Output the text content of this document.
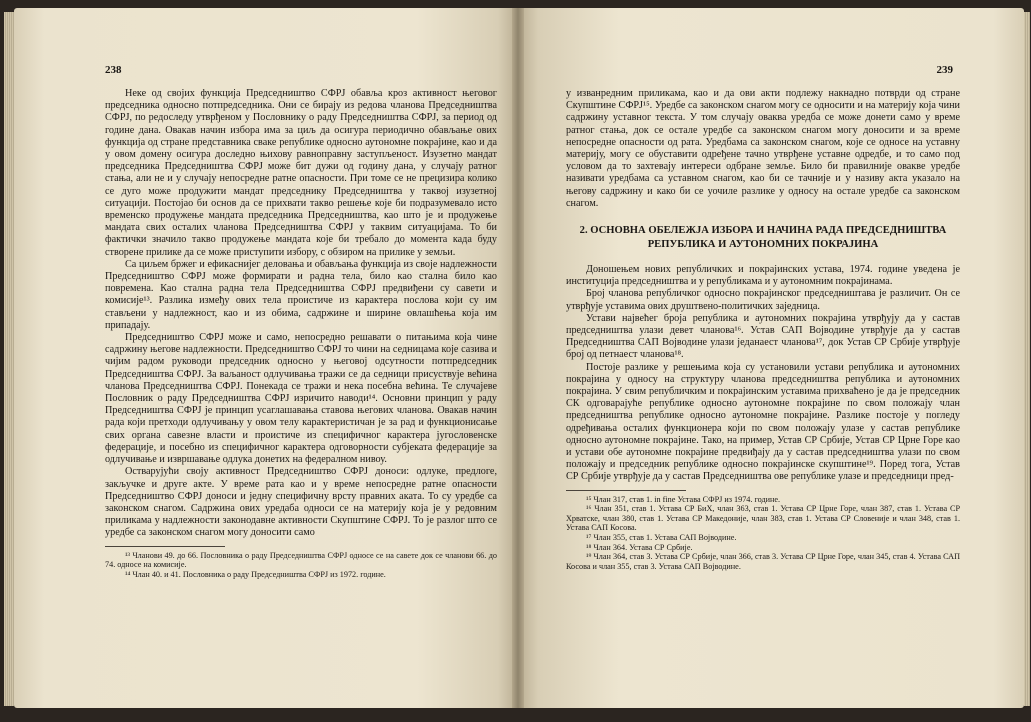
238

Неке од својих функција Председништво СФРЈ обавља кроз активност његовог председника односно потпредседника. Они се бирају из редова чланова Председништва СФРЈ, по редоследу утврђеном у Пословнику о раду Председништва СФРЈ, за период од године дана. Овакав начин избора има за циљ да осигура периодично обављање ових функција од стране представника сваке републике односно аутономне покрајине, као и да у овом домену осигура доследно њихову равноправну заступљеност. Изузетно мандат председника Председништва СФРЈ може бит дужи од годину дана, у случају ратног стања, али не и у случају непосредне ратне опасности. При томе се не прецизира колико се дуго може продужити мандат председнику Председништва у таквој изузетној ситуацији. Постојао би основ да се прихвати такво решење које би подразумевало исто временско продужење мандата председника Председништва, као што је и продужење мандата свих осталих чланова Председништва СФРЈ у таквим ситуацијама. То би фактички значило такво продужење мандата које би требало до момента када буду створене прилике да се може приступити избору, с обзиром на прилике у земљи.

Са циљем бржег и ефикаснијег деловања и обављања функција из своје надлежности Председништво СФРЈ може формирати и радна тела, било као стална било као повремена. Као стална радна тела Председништва СФРЈ предвиђени су савети и комисије¹³. Разлика између ових тела проистиче из карактера послова који су им стављени у надлежност, као и из обима, садржине и ширине овлашћења која им припадају.

Председништво СФРЈ може и само, непосредно решавати о питањима која чине садржину његове надлежности. Председништво СФРЈ то чини на седницама које сазива и чијим радом руководи председник односно у његовој одсутности потпредседник Председништва СФРЈ. За ваљаност одлучивања тражи се да седници присуствује већина чланова Председништва СФРЈ. Понекада се тражи и нека посебна већина. Те случајеве Пословник о раду Председништва СФРЈ изричито наводи¹⁴. Основни принцип у раду Председништва СФРЈ је принцип усаглашавања ставова његових чланова. Овакав начин рада који претходи одлучивању у овом телу карактеристичан је за рад и функционисање свих органа савезне власти и проистиче из специфичног карактера југословенске федерације, и посебно из специфичног карактера одговорности субјеката федерације за одлучивање и извршавање одлука донетих на федералном нивоу.

Остварујући своју активност Председништво СФРЈ доноси: одлуке, предлоге, закључке и друге акте. У време рата као и у време непосредне ратне опасности Председништво СФРЈ доноси и једну специфичну врсту правних аката. То су уредбе са законском снагом. Садржина ових уредаба односи се на материју која је у редовним приликама у надлежности законодавне активности Скупштине СФРЈ. То је разлог што се уредбе са законском снагом могу доносити само

¹³ Чланови 49. до 66. Пословника о раду Председништва СФРЈ односе се на савете док се чланови 66. до 74. односе на комисије.

¹⁴ Члан 40. и 41. Пословника о раду Председништва СФРЈ из 1972. године.

239

у изванредним приликама, као и да ови акти подлежу накнадно потврди од стране Скупштине СФРЈ¹⁵. Уредбе са законском снагом могу се односити и на материју која чини садржину уставног текста. У том случају оваква уредба се може донети само у време ратног стања, док се остале уредбе са законском снагом могу доносити и за време непосредне опасности од рата. Уредбама са законском снагом, које се односе на уставну материју, могу се обуставити одређене тачно утврђене уставне одредбе, и то само под условом да то захтевају интереси одбране земље. Било би правилније овакве уредбе називати уредбама са уставном снагом, као би се тачније и у називу акта указало на његову садржину и како би се уочиле разлике у односу на остале уредбе са законском снагом.

2. ОСНОВНА ОБЕЛЕЖЈА ИЗБОРА И НАЧИНА РАДА ПРЕДСЕДНИШТВА РЕПУБЛИКА И АУТОНОМНИХ ПОКРАЈИНА

Доношењем нових републичких и покрајинских устава, 1974. године уведена је институција председништва и у републикама и у аутономним покрајинама.

Број чланова републичког односно покрајинског председништава је различит. Он се утврђује уставима ових друштвено-политичких заједница.

Устави највећег броја република и аутономних покрајина утврђују да у састав председништва улази девет чланова¹⁶. Устав САП Војводине утврђује да у састав Председништва САП Војводине улази једанаест чланова¹⁷, док Устав СР Србије утврђује број од петнаест чланова¹⁸.

Постоје разлике у решењима која су установили устави република и аутономних покрајина у односу на структуру чланова председништва република и аутономних покрајина. У свим републичким и покрајинским уставима прихваћено је да је председник СК одговарајуће републике односно аутономне покрајине по свом положају члан председништва републике односно аутономне покрајине. Разлике постоје у погледу одређивања осталих функционера који по свом положају улазе у састав републике односно аутономне покрајине. Тако, на пример, Устав СР Србије, Устав СР Црне Горе као и устави обе аутономне покрајине предвиђају да у састав председништва улази по свом положају и председник републике односно покрајинске скупштине¹⁹. Поред тога, Устав СР Србије утврђује да у састав Председништва ове републике улазе и председници пред-

¹⁵ Члан 317, став 1. in fine Устава СФРЈ из 1974. године.

¹⁶ Члан 351, став 1. Устава СР БиХ, члан 363, став 1. Устава СР Црне Горе, члан 387, став 1. Устава СР Хрватске, члан 380, став 1. Устава СР Македоније, члан 383, став 1. Устава СР Словеније и члан 348, став 1. Устава САП Косова.

¹⁷ Члан 355, став 1. Устава САП Војводине.

¹⁸ Члан 364. Устава СР Србије.

¹⁹ Члан 364, став 3. Устава СР Србије, члан 366, став 3. Устава СР Црне Горе, члан 345, став 4. Устава САП Косова и члан 355, став 3. Устава САП Војводине.
